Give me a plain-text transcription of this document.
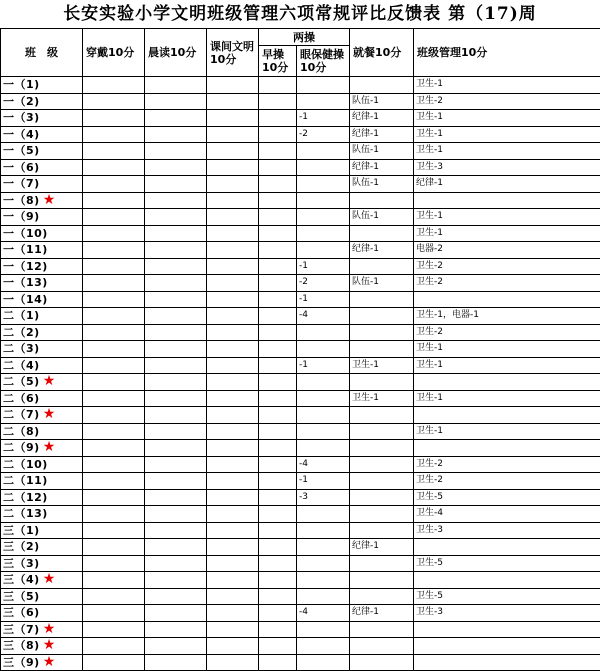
长安实验小学文明班级管理六项常规评比反馈表 第（17)周
班　级	穿戴10分	晨读10分	课间文明10分	两操		就餐10分	班级管理10分
				早操10分	眼保健操10分		
一（1)							卫生-1
一（2)						队伍-1	卫生-2
一（3)					-1	纪律-1	卫生-1
一（4)					-2	纪律-1	卫生-1
一（5)						队伍-1	卫生-1
一（6)						纪律-1	卫生-3
一（7)						队伍-1	纪律-1
一（8) ★							
一（9)						队伍-1	卫生-1
一（10)							卫生-1
一（11)						纪律-1	电器-2
一（12)					-1		卫生-2
一（13)					-2	队伍-1	卫生-2
一（14)					-1		
二（1)					-4		卫生-1，电器-1
二（2)							卫生-2
二（3)							卫生-1
二（4)					-1	卫生-1	卫生-1
二（5) ★							
二（6)						卫生-1	卫生-1
二（7) ★							
二（8)							卫生-1
二（9) ★							
二（10)					-4		卫生-2
二（11)					-1		卫生-2
二（12)					-3		卫生-5
二（13)							卫生-4
三（1)							卫生-3
三（2)						纪律-1	
三（3)							卫生-5
三（4) ★							
三（5)							卫生-5
三（6)					-4	纪律-1	卫生-3
三（7) ★							
三（8) ★							
三（9) ★							
